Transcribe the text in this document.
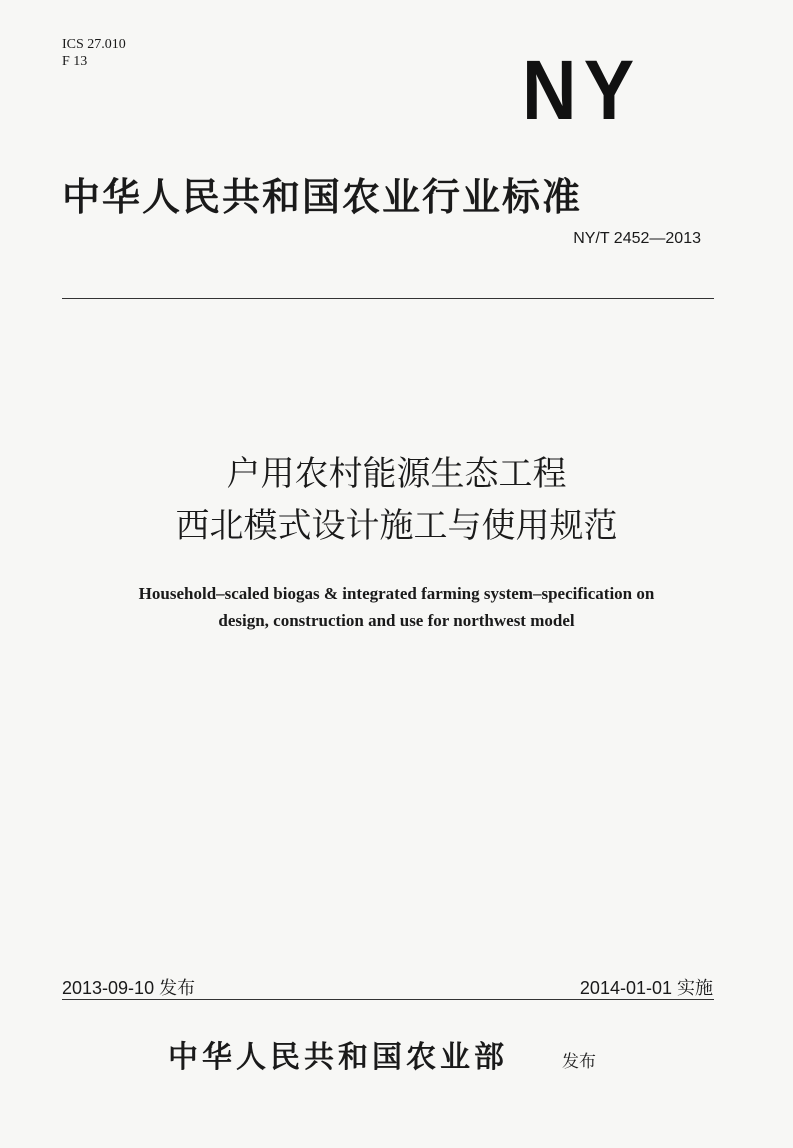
ICS 27.010
F 13	NY
中华人民共和国农业行业标准
NY/T 2452—2013
户用农村能源生态工程
西北模式设计施工与使用规范
Household–scaled biogas & integrated farming system–specification on
design, construction and use for northwest model
2013-09-10 发布	2014-01-01 实施
中华人民共和国农业部	发布
